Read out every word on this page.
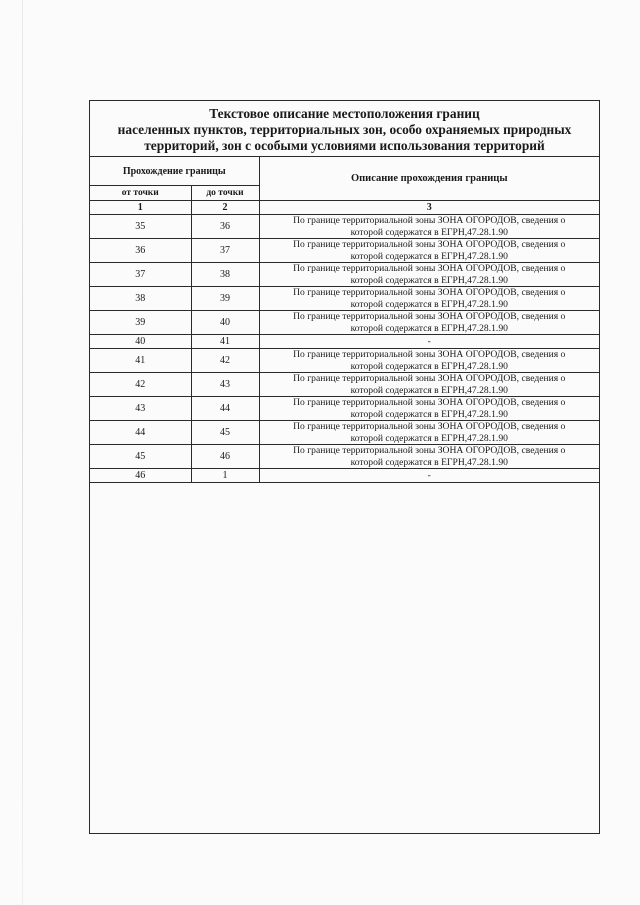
Текстовое описание местоположения границ
населенных пунктов, территориальных зон, особо охраняемых природных
территорий, зон с особыми условиями использования территорий
Прохождение границы		Описание прохождения границы
от точки	до точки	
1	2	3
35	36	По границе территориальной зоны ЗОНА ОГОРОДОВ, сведения о
которой содержатся в ЕГРН,47.28.1.90
36	37	По границе территориальной зоны ЗОНА ОГОРОДОВ, сведения о
которой содержатся в ЕГРН,47.28.1.90
37	38	По границе территориальной зоны ЗОНА ОГОРОДОВ, сведения о
которой содержатся в ЕГРН,47.28.1.90
38	39	По границе территориальной зоны ЗОНА ОГОРОДОВ, сведения о
которой содержатся в ЕГРН,47.28.1.90
39	40	По границе территориальной зоны ЗОНА ОГОРОДОВ, сведения о
которой содержатся в ЕГРН,47.28.1.90
40	41	-
41	42	По границе территориальной зоны ЗОНА ОГОРОДОВ, сведения о
которой содержатся в ЕГРН,47.28.1.90
42	43	По границе территориальной зоны ЗОНА ОГОРОДОВ, сведения о
которой содержатся в ЕГРН,47.28.1.90
43	44	По границе территориальной зоны ЗОНА ОГОРОДОВ, сведения о
которой содержатся в ЕГРН,47.28.1.90
44	45	По границе территориальной зоны ЗОНА ОГОРОДОВ, сведения о
которой содержатся в ЕГРН,47.28.1.90
45	46	По границе территориальной зоны ЗОНА ОГОРОДОВ, сведения о
которой содержатся в ЕГРН,47.28.1.90
46	1	-
